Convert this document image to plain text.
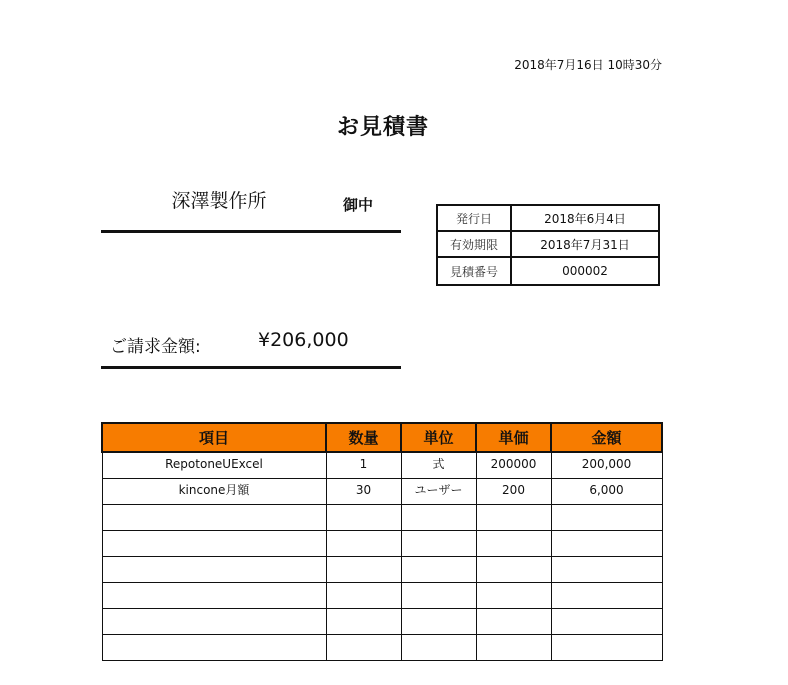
2018年7月16日 10時30分
お見積書
深澤製作所	御中
発行日	2018年6月4日
有効期限	2018年7月31日
見積番号	000002
ご請求金額:	¥206,000
項目	数量	単位	単価	金額
RepotoneUExcel	1	式	200000	200,000
kincone月額	30	ユーザー	200	6,000
